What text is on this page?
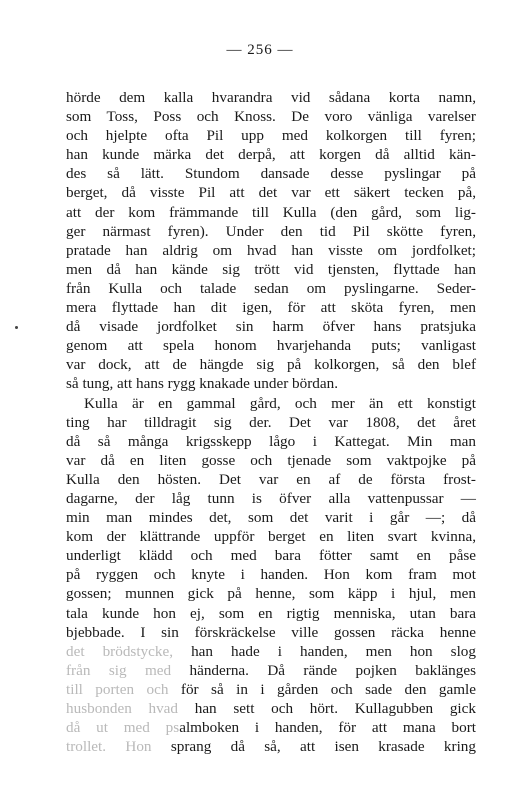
— 256 —
hörde dem kalla hvarandra vid sådana korta namn,
som Toss, Poss och Knoss. De voro vänliga varelser
och hjelpte ofta Pil upp med kolkorgen till fyren;
han kunde märka det derpå, att korgen då alltid kän-
des så lätt. Stundom dansade desse pyslingar på
berget, då visste Pil att det var ett säkert tecken på,
att der kom främmande till Kulla (den gård, som lig-
ger närmast fyren). Under den tid Pil skötte fyren,
pratade han aldrig om hvad han visste om jordfolket;
men då han kände sig trött vid tjensten, flyttade han
från Kulla och talade sedan om pyslingarne. Seder-
mera flyttade han dit igen, för att sköta fyren, men
då visade jordfolket sin harm öfver hans pratsjuka
genom att spela honom hvarjehanda puts; vanligast
var dock, att de hängde sig på kolkorgen, så den blef
så tung, att hans rygg knakade under bördan.
Kulla är en gammal gård, och mer än ett konstigt
ting har tilldragit sig der. Det var 1808, det året
då så många krigsskepp lågo i Kattegat. Min man
var då en liten gosse och tjenade som vaktpojke på
Kulla den hösten. Det var en af de första frost-
dagarne, der låg tunn is öfver alla vattenpussar —
min man mindes det, som det varit i går —; då
kom der klättrande uppför berget en liten svart kvinna,
underligt klädd och med bara fötter samt en påse
på ryggen och knyte i handen. Hon kom fram mot
gossen; munnen gick på henne, som käpp i hjul, men
tala kunde hon ej, som en rigtig menniska, utan bara
bjebbade. I sin förskräckelse ville gossen räcka henne
det brödstycke, han hade i handen, men hon slog
från sig med händerna. Då rände pojken baklänges
till porten och för så in i gården och sade den gamle
husbonden hvad han sett och hört. Kullagubben gick
då ut med psalmboken i handen, för att mana bort
trollet. Hon sprang då så, att isen krasade kring
